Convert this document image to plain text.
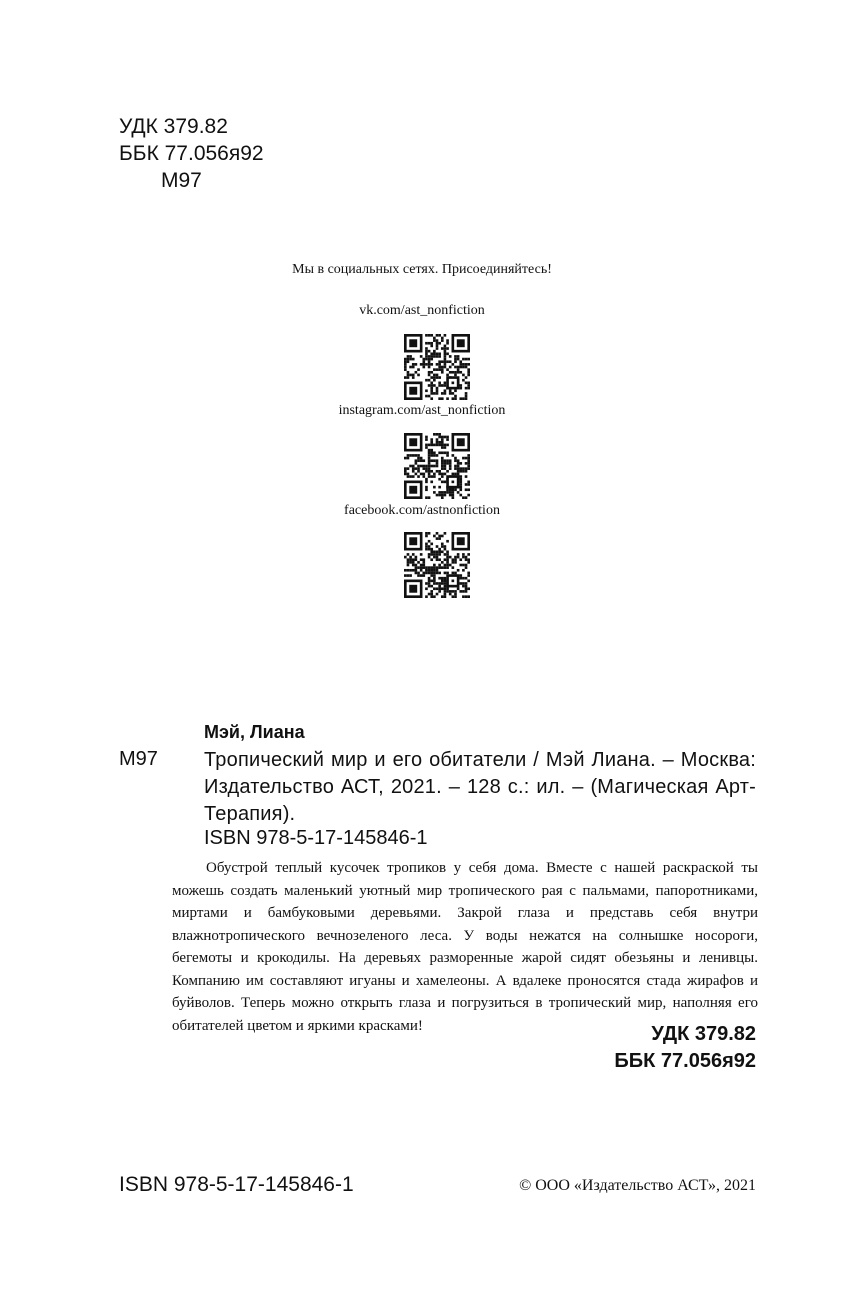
УДК 379.82
ББК 77.056я92
М97
Мы в социальных сетях. Присоединяйтесь!
vk.com/ast_nonfiction
instagram.com/ast_nonfiction
facebook.com/astnonfiction
Мэй, Лиана
М97 Тропический мир и его обитатели / Мэй Лиана. – Москва: Издательство АСТ, 2021. – 128 с.: ил. – (Магическая Арт-Терапия).
ISBN 978-5-17-145846-1
Обустрой теплый кусочек тропиков у себя дома. Вместе с нашей раскраской ты можешь создать маленький уютный мир тропического рая с пальмами, папоротниками, миртами и бамбуковыми деревьями. Закрой глаза и представь себя внутри влажнотропического вечнозеленого леса. У воды нежатся на солнышке носороги, бегемоты и крокодилы. На деревьях разморенные жарой сидят обезьяны и ленивцы. Компанию им составляют игуаны и хамелеоны. А вдалеке проносятся стада жирафов и буйволов. Теперь можно открыть глаза и погрузиться в тропический мир, наполняя его обитателей цветом и яркими красками!	УДК 379.82
ББК 77.056я92
ISBN 978-5-17-145846-1	© ООО «Издательство АСТ», 2021
